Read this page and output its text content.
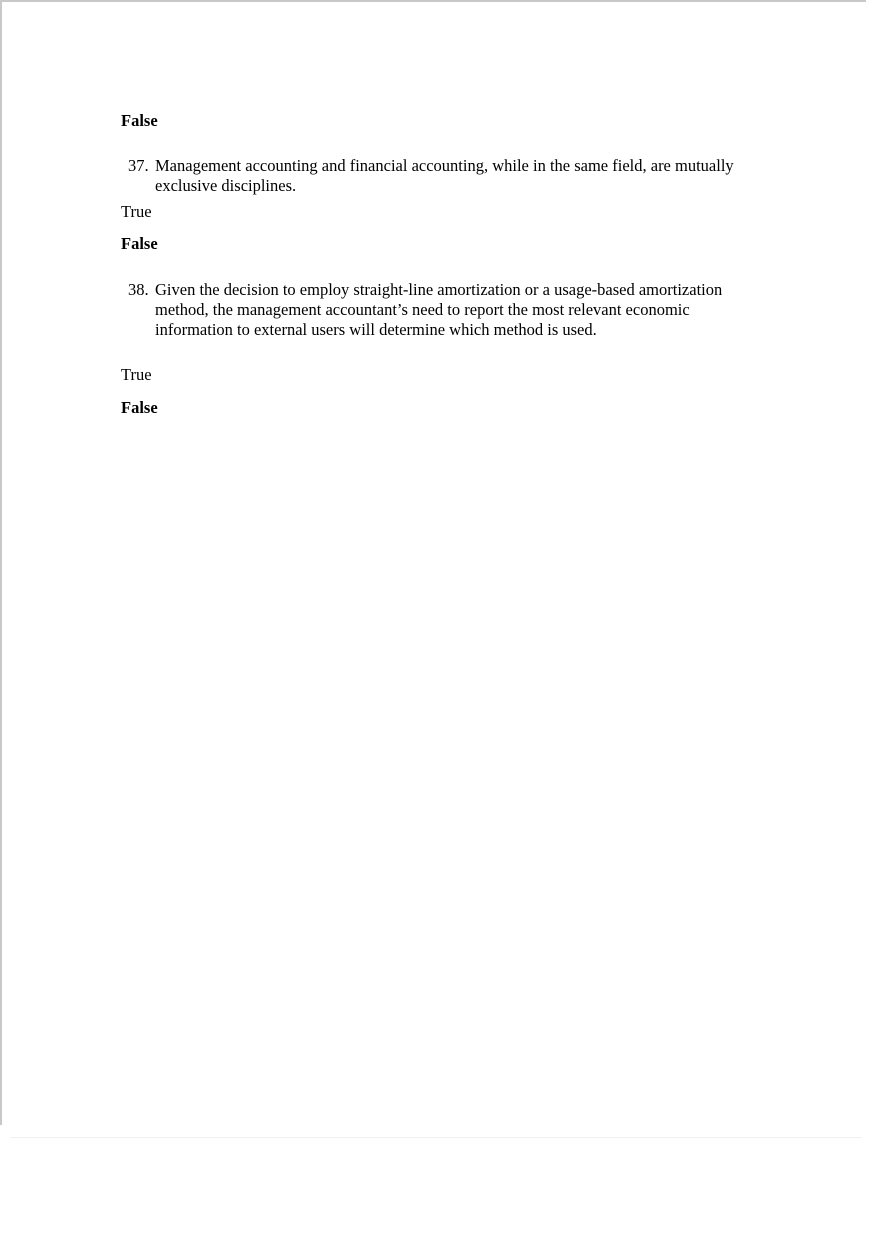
False
37. Management accounting and financial accounting, while in the same field, are mutually
exclusive disciplines.
True
False
38. Given the decision to employ straight-line amortization or a usage-based amortization
method, the management accountant’s need to report the most relevant economic
information to external users will determine which method is used.
True
False
